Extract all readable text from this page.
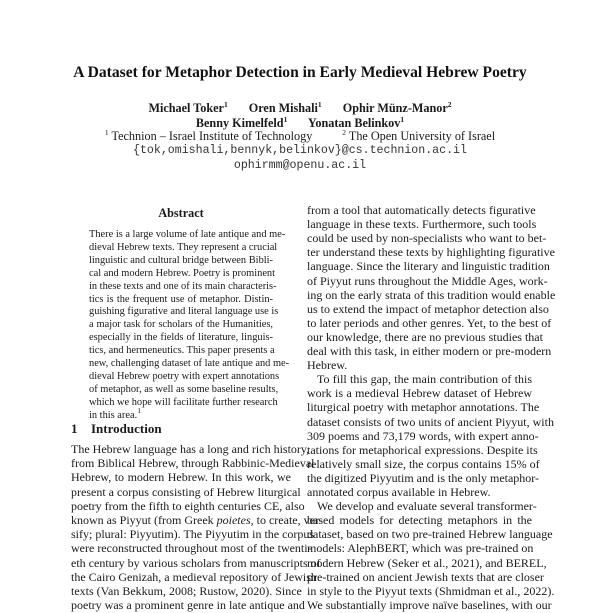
A Dataset for Metaphor Detection in Early Medieval Hebrew Poetry
Michael Toker$^1$ Oren Mishali$^1$ Ophir Münz-Manor$^2$
Benny Kimelfeld$^1$ Yonatan Belinkov$^1$
$^1$ Technion – Israel Institute of Technology	$^2$ The Open University of Israel
{tok,omishali,bennyk,belinkov}@cs.technion.ac.il
ophirmm@openu.ac.il
Abstract
There is a large volume of late antique and me-
dieval Hebrew texts. They represent a crucial
linguistic and cultural bridge between Bibli-
cal and modern Hebrew. Poetry is prominent
in these texts and one of its main characteris-
tics is the frequent use of metaphor. Distin-
guishing figurative and literal language use is
a major task for scholars of the Humanities,
especially in the fields of literature, linguis-
tics, and hermeneutics. This paper presents a
new, challenging dataset of late antique and me-
dieval Hebrew poetry with expert annotations
of metaphor, as well as some baseline results,
which we hope will facilitate further research
in this area.$^1$
1 Introduction
The Hebrew language has a long and rich history,
from Biblical Hebrew, through Rabbinic-Medieval
Hebrew, to modern Hebrew. In this work, we
present a corpus consisting of Hebrew liturgical
poetry from the fifth to eighth centuries CE, also
known as Piyyut (from Greek poietes, to create, ver-
sify; plural: Piyyutim). The Piyyutim in the corpus
were reconstructed throughout most of the twenti-
eth century by various scholars from manuscripts of
the Cairo Genizah, a medieval repository of Jewish
texts (Van Bekkum, 2008; Rustow, 2020). Since
poetry was a prominent genre in late antique and
from a tool that automatically detects figurative
language in these texts. Furthermore, such tools
could be used by non-specialists who want to bet-
ter understand these texts by highlighting figurative
language. Since the literary and linguistic tradition
of Piyyut runs throughout the Middle Ages, work-
ing on the early strata of this tradition would enable
us to extend the impact of metaphor detection also
to later periods and other genres. Yet, to the best of
our knowledge, there are no previous studies that
deal with this task, in either modern or pre-modern
Hebrew.
To fill this gap, the main contribution of this
work is a medieval Hebrew dataset of Hebrew
liturgical poetry with metaphor annotations. The
dataset consists of two units of ancient Piyyut, with
309 poems and 73,179 words, with expert anno-
tations for metaphorical expressions. Despite its
relatively small size, the corpus contains 15% of
the digitized Piyyutim and is the only metaphor-
annotated corpus available in Hebrew.
We develop and evaluate several transformer-
based models for detecting metaphors in the
dataset, based on two pre-trained Hebrew language
models: AlephBERT, which was pre-trained on
modern Hebrew (Seker et al., 2021), and BEREL,
pre-trained on ancient Jewish texts that are closer
in style to the Piyyut texts (Shmidman et al., 2022).
We substantially improve naïve baselines, with our
